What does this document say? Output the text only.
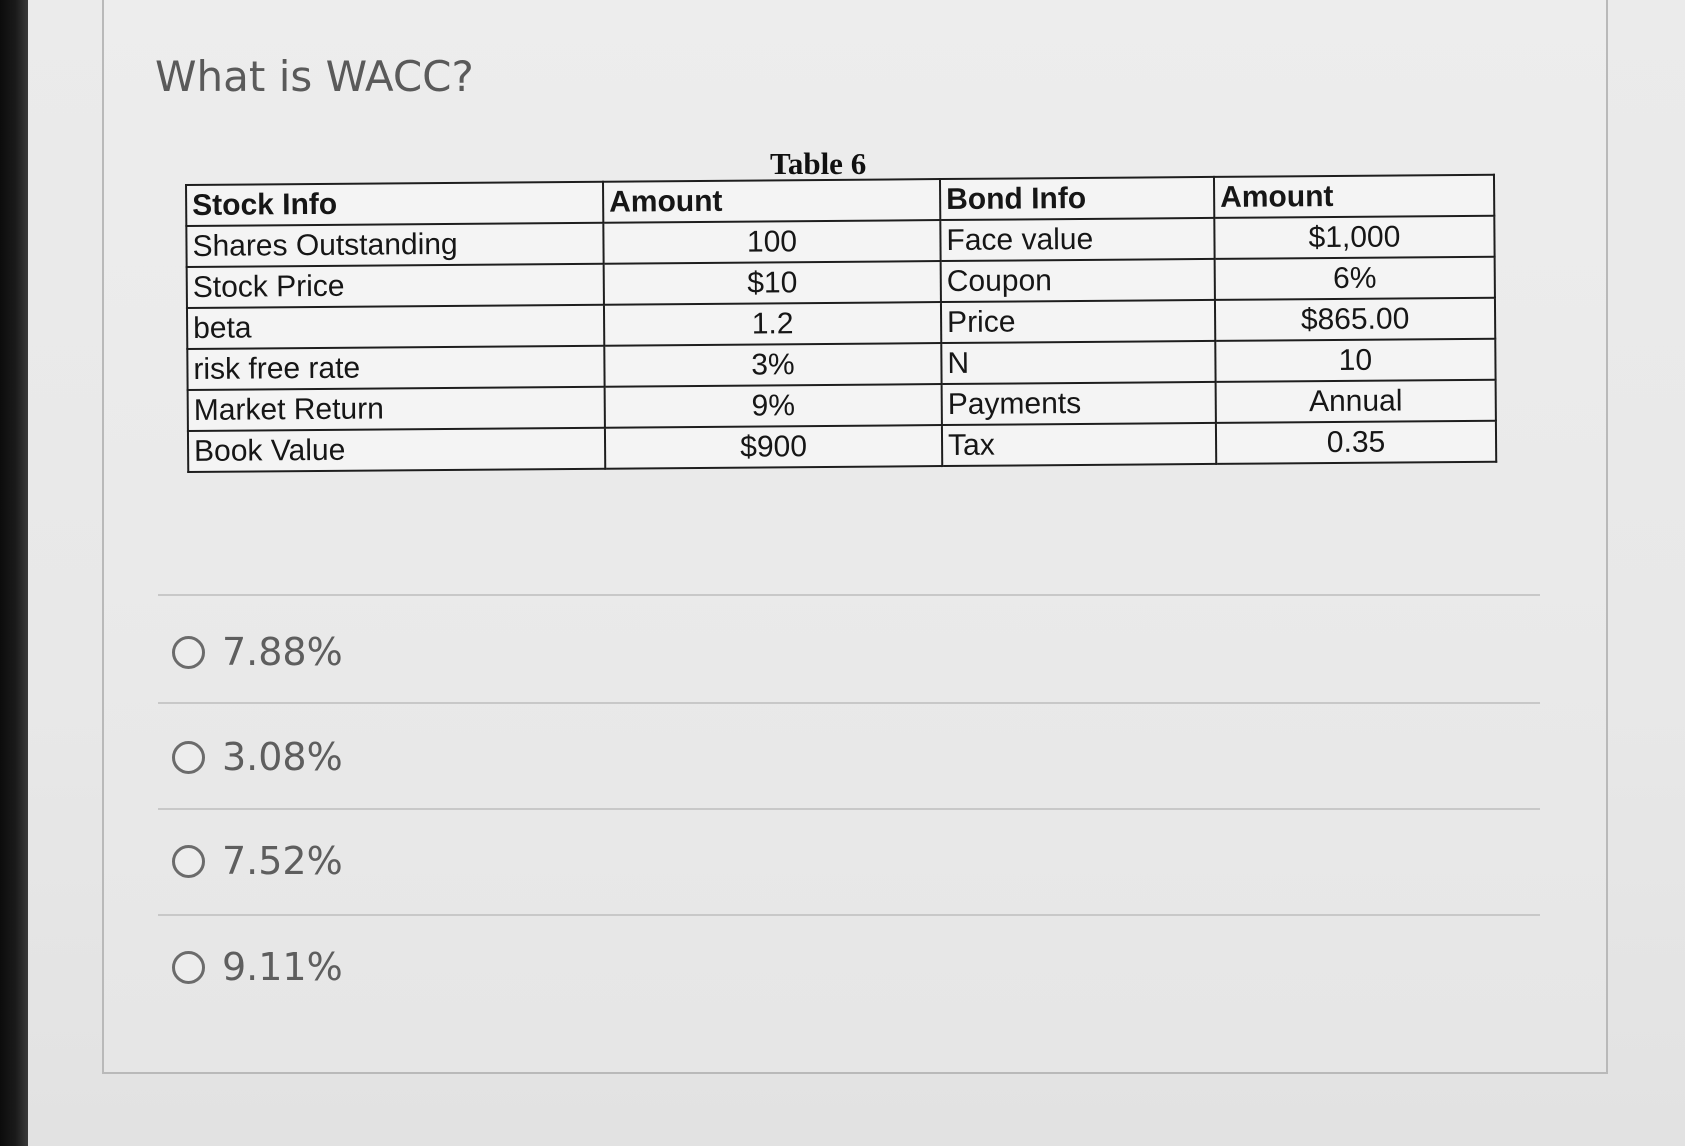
What is WACC?
Table 6
Stock Info	Amount	Bond Info	Amount
Shares Outstanding	100	Face value	$1,000
Stock Price	$10	Coupon	6%
beta	1.2	Price	$865.00
risk free rate	3%	N	10
Market Return	9%	Payments	Annual
Book Value	$900	Tax	0.35
7.88%
3.08%
7.52%
9.11%
